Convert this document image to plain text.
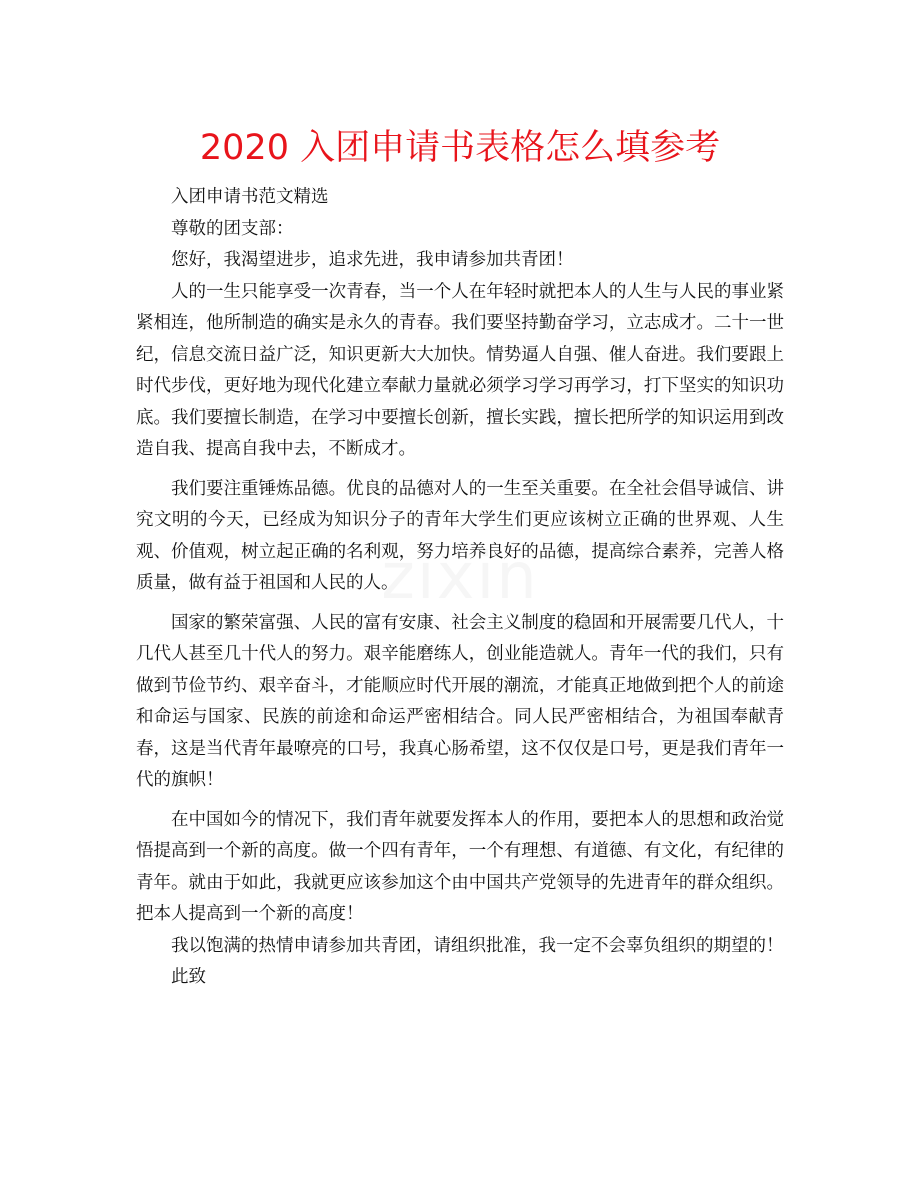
2020 入团申请书表格怎么填参考

入团申请书范文精选

尊敬的团支部：

您好，我渴望进步，追求先进，我申请参加共青团！

人的一生只能享受一次青春，当一个人在年轻时就把本人的人生与人民的事业紧紧相连，他所制造的确实是永久的青春。我们要坚持勤奋学习，立志成才。二十一世纪，信息交流日益广泛，知识更新大大加快。情势逼人自强、催人奋进。我们要跟上时代步伐，更好地为现代化建立奉献力量就必须学习学习再学习，打下坚实的知识功底。我们要擅长制造，在学习中要擅长创新，擅长实践，擅长把所学的知识运用到改造自我、提高自我中去，不断成才。

我们要注重锤炼品德。优良的品德对人的一生至关重要。在全社会倡导诚信、讲究文明的今天，已经成为知识分子的青年大学生们更应该树立正确的世界观、人生观、价值观，树立起正确的名利观，努力培养良好的品德，提高综合素养，完善人格质量，做有益于祖国和人民的人。

国家的繁荣富强、人民的富有安康、社会主义制度的稳固和开展需要几代人，十几代人甚至几十代人的努力。艰辛能磨练人，创业能造就人。青年一代的我们，只有做到节俭节约、艰辛奋斗，才能顺应时代开展的潮流，才能真正地做到把个人的前途和命运与国家、民族的前途和命运严密相结合。同人民严密相结合，为祖国奉献青春，这是当代青年最嘹亮的口号，我真心肠希望，这不仅仅是口号，更是我们青年一代的旗帜！

在中国如今的情况下，我们青年就要发挥本人的作用，要把本人的思想和政治觉悟提高到一个新的高度。做一个四有青年，一个有理想、有道德、有文化，有纪律的青年。就由于如此，我就更应该参加这个由中国共产党领导的先进青年的群众组织。把本人提高到一个新的高度！

我以饱满的热情申请参加共青团，请组织批准，我一定不会辜负组织的期望的！

此致
